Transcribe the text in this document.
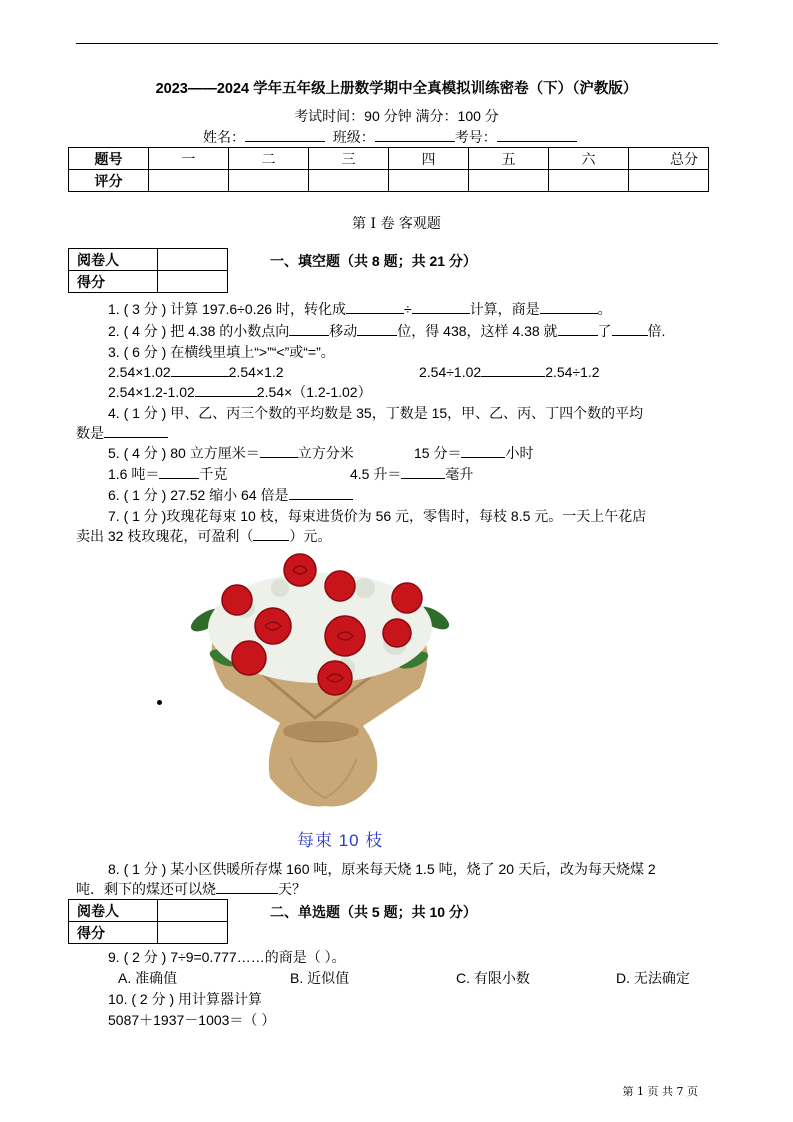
2023——2024 学年五年级上册数学期中全真模拟训练密卷（下）（沪教版）
考试时间：90 分钟 满分：100 分
姓名：	班级：	考号：
题号	一	二	三	四	五	六	总分
评分							
第 I 卷 客观题
阅卷人	
得分	
一、填空题（共 8 题；共 21 分）
1. ( 3 分 ) 计算 197.6÷0.26 时，转化成	÷	计算，商是	。
2. ( 4 分 ) 把 4.38 的小数点向	移动	位，得 438，这样 4.38 就	了	倍.
3. ( 6 分 ) 在横线里填上“>”“<”或“=”。
2.54×1.02	2.54×1.2	2.54÷1.02	2.54÷1.2
2.54×1.2-1.02	2.54×（1.2-1.02）
4. ( 1 分 ) 甲、乙、丙三个数的平均数是 35，丁数是 15，甲、乙、丙、丁四个数的平均
数是
5. ( 4 分 ) 80 立方厘米＝	立方分米	15 分＝	小时
1.6 吨＝	千克	4.5 升＝	毫升
6. ( 1 分 ) 27.52 缩小 64 倍是
7. ( 1 分 )玫瑰花每束 10 枝，每束进货价为 56 元，零售时，每枝 8.5 元。一天上午花店
卖出 32 枝玫瑰花，可盈利（	）元。
每束 10 枝
8. ( 1 分 ) 某小区供暖所存煤 160 吨，原来每天烧 1.5 吨，烧了 20 天后，改为每天烧煤 2
吨．剩下的煤还可以烧	天？
阅卷人	
得分	
二、单选题（共 5 题；共 10 分）
9. ( 2 分 ) 7÷9=0.777……的商是（ ）。
A. 准确值	B. 近似值	C. 有限小数	D. 无法确定
10. ( 2 分 ) 用计算器计算
5087＋1937－1003＝（ ）
第 1 页 共 7 页
